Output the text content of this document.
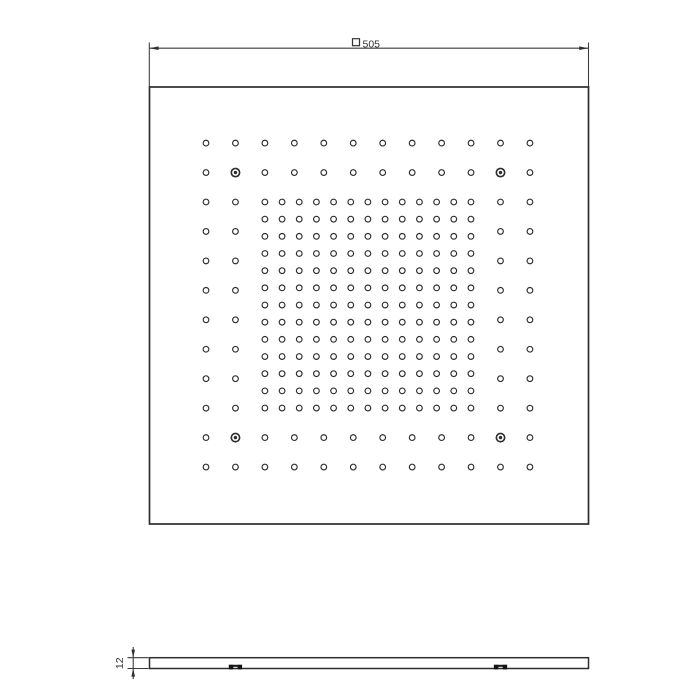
505
12
